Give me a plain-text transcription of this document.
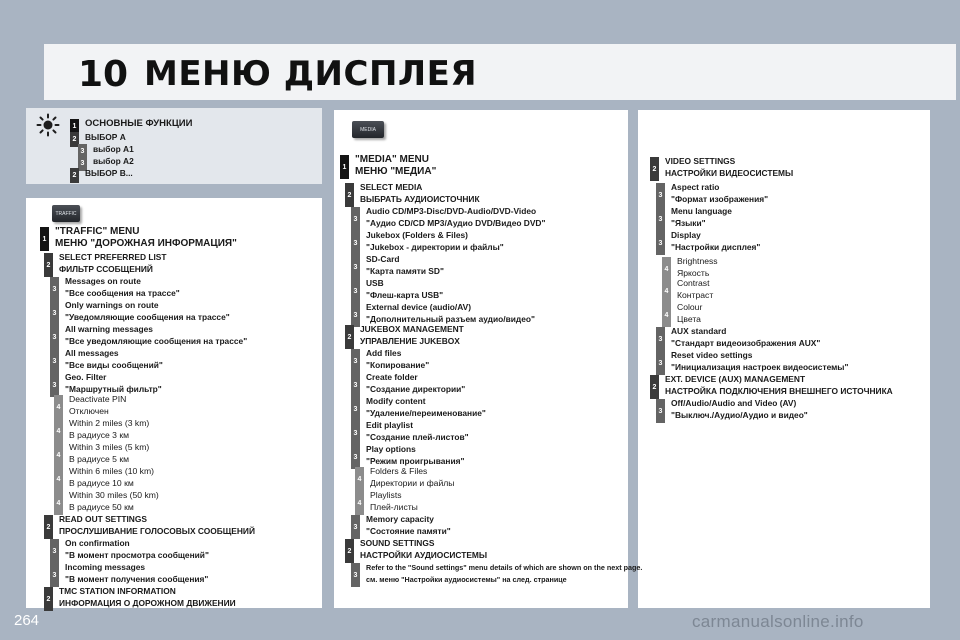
10 МЕНЮ ДИСПЛЕЯ
TRAFFIC
MEDIA
1 ОСНОВНЫЕ ФУНКЦИИ
2	ВЫБОР A
3	выбор A1
3	выбор A2
2	ВЫБОР B...
1
"TRAFFIC" MENU
МЕНЮ "ДОРОЖНАЯ ИНФОРМАЦИЯ"
2
SELECT PREFERRED LIST
ФИЛЬТР ССОБЩЕНИЙ
3
Messages on route
"Все сообщения на трассе"
3
Only warnings on route
"Уведомляющие сообщения на трассе"
3
All warning messages
"Все уведомляющие сообщения на трассе"
3
All messages
"Все виды сообщений"
3
Geo. Filter
"Маршрутный фильтр"
4
Deactivate PIN
Отключен
4
Within 2 miles (3 km)
В радиусе 3 км
4
Within 3 miles (5 km)
В радиусе 5 км
4
Within 6 miles (10 km)
В радиусе 10 км
4
Within 30 miles (50 km)
В радиусе 50 км
2
READ OUT SETTINGS
ПРОСЛУШИВАНИЕ ГОЛОСОВЫХ СООБЩЕНИЙ
3
On confirmation
"В момент просмотра сообщений"
3
Incoming messages
"В момент получения сообщения"
2
TMC STATION INFORMATION
ИНФОРМАЦИЯ О ДОРОЖНОМ ДВИЖЕНИИ
1
"MEDIA" MENU
МЕНЮ "МЕДИА"
2
SELECT MEDIA
ВЫБРАТЬ АУДИОИСТОЧНИК
3
Audio CD/MP3-Disc/DVD-Audio/DVD-Video
"Аудио CD/CD MP3/Аудио DVD/Видео DVD"
3
Jukebox (Folders & Files)
"Jukebox - директории и файлы"
3
SD-Card
"Карта памяти SD"
3
USB
"Флеш-карта USB"
3
External device (audio/AV)
"Дополнительный разъем аудио/видео"
2
JUKEBOX MANAGEMENT
УПРАВЛЕНИЕ JUKEBOX
3
Add files
"Копирование"
3
Create folder
"Создание директории"
3
Modify content
"Удаление/переименование"
3
Edit playlist
"Создание плей-листов"
3
Play options
"Режим проигрывания"
4
Folders & Files
Директории и файлы
4
Playlists
Плей-листы
3
Memory capacity
"Состояние памяти"
2
SOUND SETTINGS
НАСТРОЙКИ АУДИОСИСТЕМЫ
3
Refer to the "Sound settings" menu details of which are shown on the next page.
см. меню "Настройки аудиосистемы" на след. странице
2
VIDEO SETTINGS
НАСТРОЙКИ ВИДЕОСИСТЕМЫ
3
Aspect ratio
"Формат изображения"
3
Menu language
"Языки"
3
Display
"Настройки дисплея"
4
Brightness
Яркость
4
Contrast
Контраст
4
Colour
Цвета
3
AUX standard
"Стандарт видеоизображения AUX"
3
Reset video settings
"Инициализация настроек видеосистемы"
2
EXT. DEVICE (AUX) MANAGEMENT
НАСТРОЙКА ПОДКЛЮЧЕНИЯ ВНЕШНЕГО ИСТОЧНИКА
3
Off/Audio/Audio and Video (AV)
"Выключ./Аудио/Аудио и видео"
264	carmanualsonline.info
